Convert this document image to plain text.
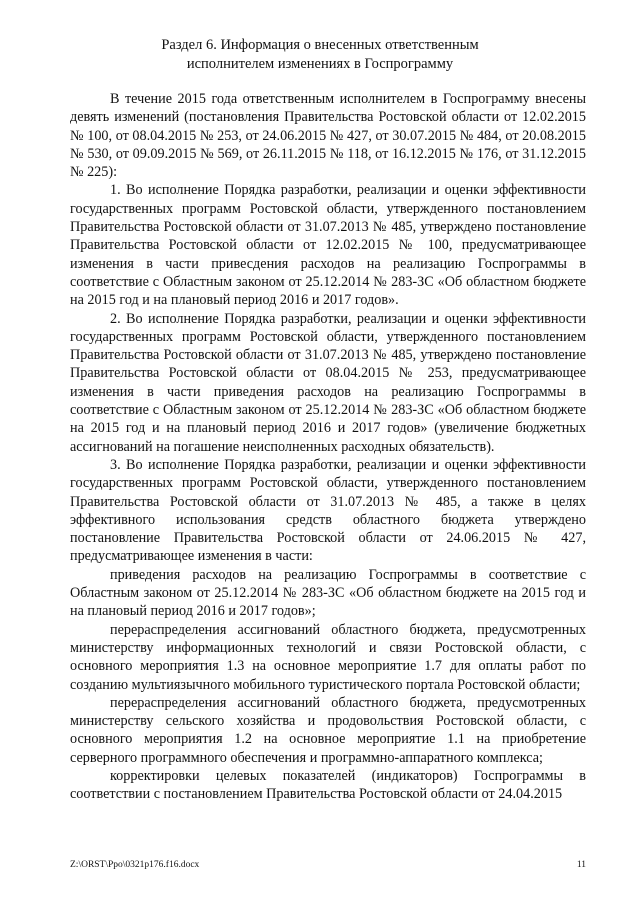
Раздел 6. Информация о внесенных ответственным
исполнителем изменениях в Госпрограмму

В течение 2015 года ответственным исполнителем в Госпрограмму внесены девять изменений (постановления Правительства Ростовской области от 12.02.2015 № 100, от 08.04.2015 № 253, от 24.06.2015 № 427, от 30.07.2015 № 484, от 20.08.2015 № 530, от 09.09.2015 № 569, от 26.11.2015 № 118, от 16.12.2015 № 176, от 31.12.2015 № 225):

1. Во исполнение Порядка разработки, реализации и оценки эффективности государственных программ Ростовской области, утвержденного постановлением Правительства Ростовской области от 31.07.2013 № 485, утверждено постановление Правительства Ростовской области от 12.02.2015 № 100, предусматривающее изменения в части привесдения расходов на реализацию Госпрограммы в соответствие с Областным законом от 25.12.2014 № 283-ЗС «Об областном бюджете на 2015 год и на плановый период 2016 и 2017 годов».

2. Во исполнение Порядка разработки, реализации и оценки эффективности государственных программ Ростовской области, утвержденного постановлением Правительства Ростовской области от 31.07.2013 № 485, утверждено постановление Правительства Ростовской области от 08.04.2015 № 253, предусматривающее изменения в части приведения расходов на реализацию Госпрограммы в соответствие с Областным законом от 25.12.2014 № 283-ЗС «Об областном бюджете на 2015 год и на плановый период 2016 и 2017 годов» (увеличение бюджетных ассигнований на погашение неисполненных расходных обязательств).

3. Во исполнение Порядка разработки, реализации и оценки эффективности государственных программ Ростовской области, утвержденного постановлением Правительства Ростовской области от 31.07.2013 № 485, а также в целях эффективного использования средств областного бюджета утверждено постановление Правительства Ростовской области от 24.06.2015 № 427, предусматривающее изменения в части:

приведения расходов на реализацию Госпрограммы в соответствие с Областным законом от 25.12.2014 № 283-ЗС «Об областном бюджете на 2015 год и на плановый период 2016 и 2017 годов»;

перераспределения ассигнований областного бюджета, предусмотренных министерству информационных технологий и связи Ростовской области, с основного мероприятия 1.3 на основное мероприятие 1.7 для оплаты работ по созданию мультиязычного мобильного туристического портала Ростовской области;

перераспределения ассигнований областного бюджета, предусмотренных министерству сельского хозяйства и продовольствия Ростовской области, с основного мероприятия 1.2 на основное мероприятие 1.1 на приобретение серверного программного обеспечения и программно-аппаратного комплекса;

корректировки целевых показателей (индикаторов) Госпрограммы в соответствии с постановлением Правительства Ростовской области от 24.04.2015

Z:\ORST\Ppo\0321p176.f16.docx	11
